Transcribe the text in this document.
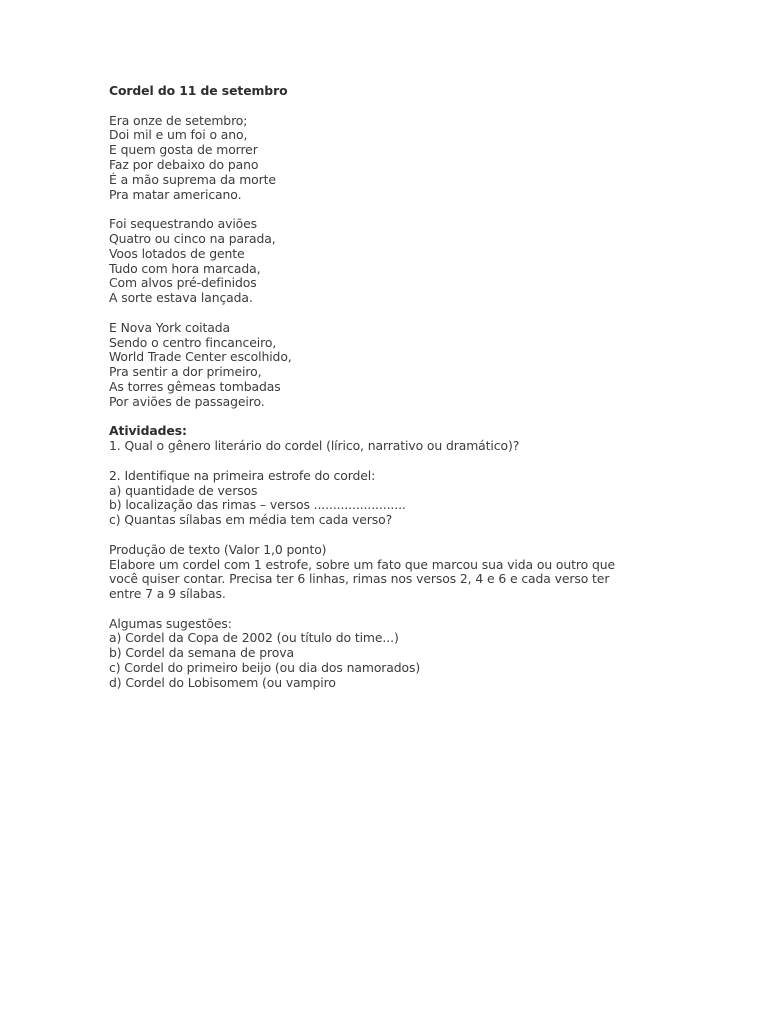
Cordel do 11 de setembro
Era onze de setembro;
Doi mil e um foi o ano,
E quem gosta de morrer
Faz por debaixo do pano
É a mão suprema da morte
Pra matar americano.
Foi sequestrando aviões
Quatro ou cinco na parada,
Voos lotados de gente
Tudo com hora marcada,
Com alvos pré-definidos
A sorte estava lançada.
E Nova York coitada
Sendo o centro fincanceiro,
World Trade Center escolhido,
Pra sentir a dor primeiro,
As torres gêmeas tombadas
Por aviões de passageiro.
Atividades:
1. Qual o gênero literário do cordel (lírico, narrativo ou dramático)?
2. Identifique na primeira estrofe do cordel:
a) quantidade de versos
b) localização das rimas – versos ........................
c) Quantas sílabas em média tem cada verso?
Produção de texto (Valor 1,0 ponto)
Elabore um cordel com 1 estrofe, sobre um fato que marcou sua vida ou outro que
você quiser contar. Precisa ter 6 linhas, rimas nos versos 2, 4 e 6 e cada verso ter
entre 7 a 9 sílabas.
Algumas sugestões:
a) Cordel da Copa de 2002 (ou título do time...)
b) Cordel da semana de prova
c) Cordel do primeiro beijo (ou dia dos namorados)
d) Cordel do Lobisomem (ou vampiro
